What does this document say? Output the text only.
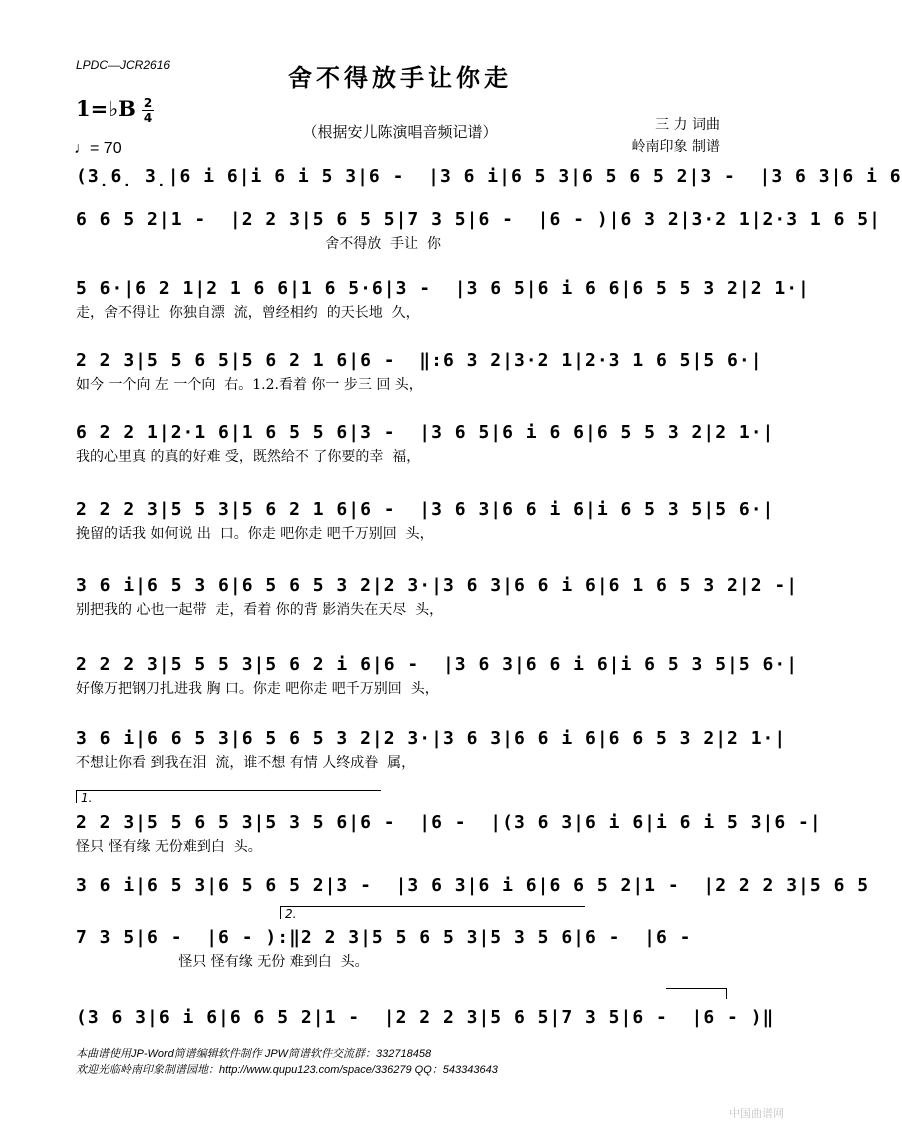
LPDC—JCR2616	舍不得放手让你走
1=♭B 2
4
（根据安儿陈演唱音频记谱）	三 力 词曲
岭南印象 制谱
♩= 70
(3̣6̣ 3̣|6 i 6|i 6 i 5 3|6 -  |3 6 i|6 5 3|6 5 6 5 2|3 -  |3 6 3|6 i 6
6 6 5 2|1 -  |2 2 3|5 6 5 5|7 3 5|6 -  |6 - )|6 3 2|3·2 1|2·3 1 6 5|
舍不得放  手让  你
5 6·|6 2 1|2 1 6 6|1 6 5·6|3 -  |3 6 5|6 i 6 6|6 5 5 3 2|2 1·|
走，舍不得让  你独自漂  流，曾经相约  的天长地  久，
2 2 3|5 5 6 5|5 6 2 1 6|6 -  ‖:6 3 2|3·2 1|2·3 1 6 5|5 6·|
如今 一个向 左 一个向  右。1.2.看着 你一 步三 回 头，
6 2 2 1|2·1 6|1 6 5 5 6|3 -  |3 6 5|6 i 6 6|6 5 5 3 2|2 1·|
我的心里真 的真的好难 受，既然给不 了你要的幸  福，
2 2 2 3|5 5 3|5 6 2 1 6|6 -  |3 6 3|6 6 i 6|i 6 5 3 5|5 6·|
挽留的话我 如何说 出  口。你走 吧你走 吧千万别回  头，
3 6 i|6 5 3 6|6 5 6 5 3 2|2 3·|3 6 3|6 6 i 6|6 1 6 5 3 2|2 -|
别把我的 心也一起带  走，看着 你的背 影消失在天尽  头，
2 2 2 3|5 5 5 3|5 6 2 i 6|6 -  |3 6 3|6 6 i 6|i 6 5 3 5|5 6·|
好像万把钢刀扎进我 胸 口。你走 吧你走 吧千万别回  头，
3 6 i|6 6 5 3|6 5 6 5 3 2|2 3·|3 6 3|6 6 i 6|6 6 5 3 2|2 1·|
不想让你看 到我在泪  流，谁不想 有情 人终成眷  属，
1.
2 2 3|5 5 6 5 3|5 3 5 6|6 -  |6 -  |(3 6 3|6 i 6|i 6 i 5 3|6 -|
怪只 怪有缘 无份难到白  头。
3 6 i|6 5 3|6 5 6 5 2|3 -  |3 6 3|6 i 6|6 6 5 2|1 -  |2 2 2 3|5 6 5
2.
7 3 5|6 -  |6 - ):‖2 2 3|5 5 6 5 3|5 3 5 6|6 -  |6 -
怪只 怪有缘 无份 难到白  头。
(3 6 3|6 i 6|6 6 5 2|1 -  |2 2 2 3|5 6 5|7 3 5|6 -  |6 - )‖
本曲谱使用JP-Word简谱编辑软件制作 JPW简谱软件交流群：332718458
欢迎光临岭南印象制谱园地：http://www.qupu123.com/space/336279 QQ：543343643
中国曲谱网
